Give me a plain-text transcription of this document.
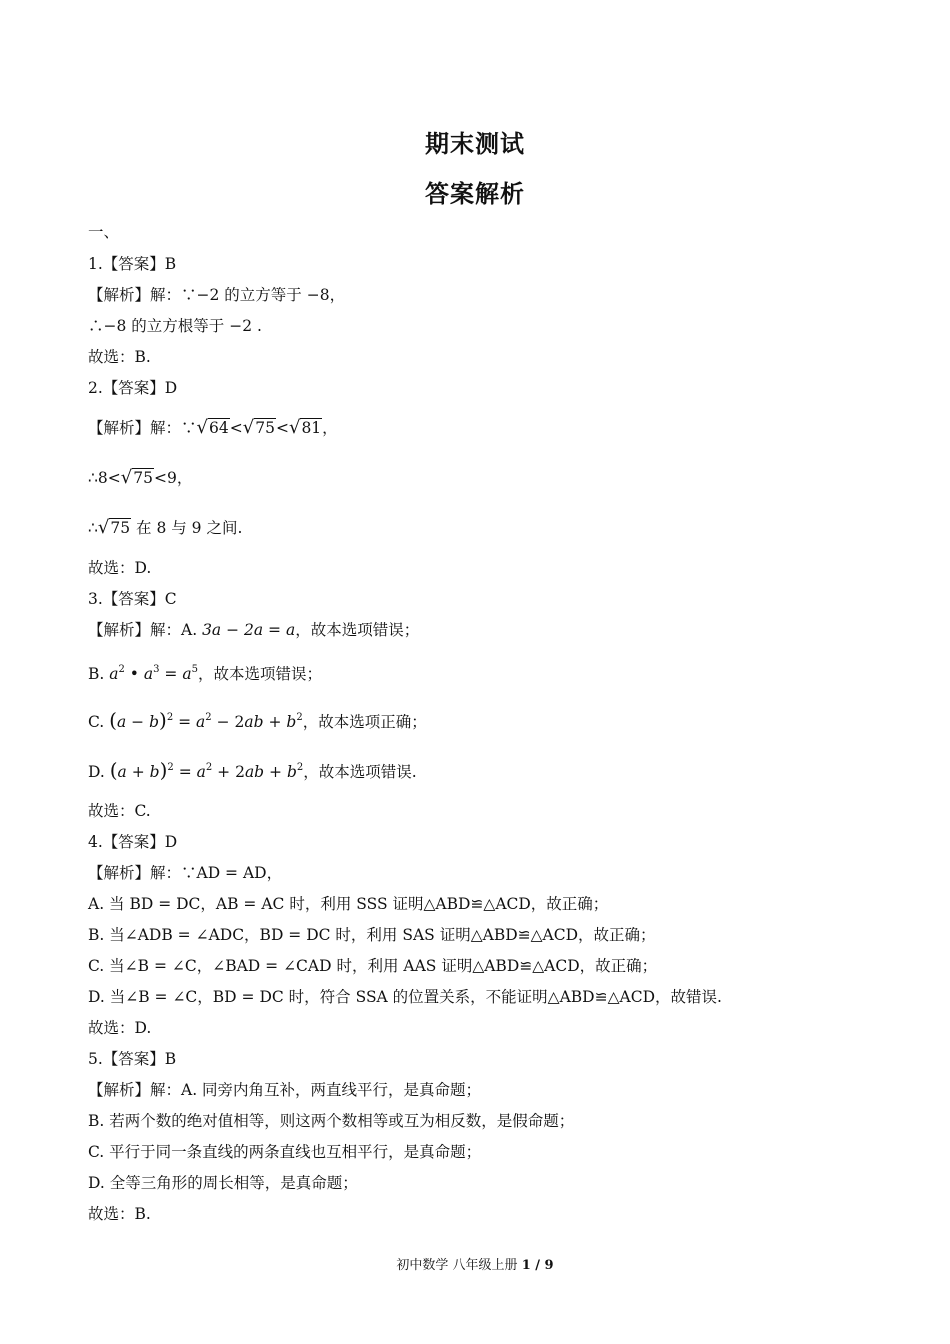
期末测试
答案解析
一、
1.【答案】B
【解析】解：∵−2 的立方等于 −8，
∴−8 的立方根等于 −2 .
故选：B.
2.【答案】D
【解析】解：∵√64<√75<√81，
∴8<√75<9，
∴√75 在 8 与 9 之间.
故选：D.
3.【答案】C
【解析】解：A. 3a − 2a = a，故本选项错误；
B. $a^2$ • $a^3 = a^5$，故本选项错误；
C. $(a - b)^2 = a^2 - 2ab + b^2$，故本选项正确；
D. $(a + b)^2 = a^2 + 2ab + b^2$，故本选项错误.
故选：C.
4.【答案】D
【解析】解：∵AD = AD，
A. 当 BD = DC，AB = AC 时，利用 SSS 证明△ABD≌△ACD，故正确；
B. 当∠ADB = ∠ADC，BD = DC 时，利用 SAS 证明△ABD≌△ACD，故正确；
C. 当∠B = ∠C，∠BAD = ∠CAD 时，利用 AAS 证明△ABD≌△ACD，故正确；
D. 当∠B = ∠C，BD = DC 时，符合 SSA 的位置关系，不能证明△ABD≌△ACD，故错误.
故选：D.
5.【答案】B
【解析】解：A. 同旁内角互补，两直线平行，是真命题；
B. 若两个数的绝对值相等，则这两个数相等或互为相反数，是假命题；
C. 平行于同一条直线的两条直线也互相平行，是真命题；
D. 全等三角形的周长相等，是真命题；
故选：B.
初中数学 八年级上册 1 / 9
